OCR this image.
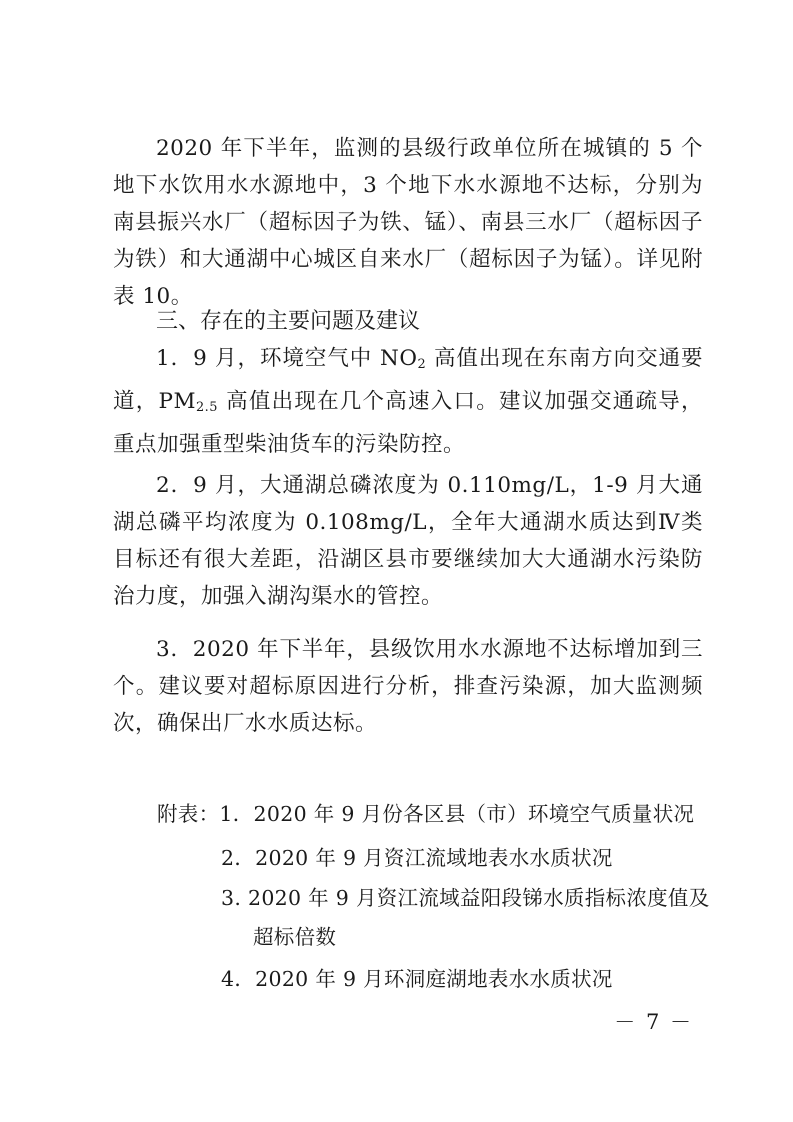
2020 年下半年，监测的县级行政单位所在城镇的 5 个地下水饮用水水源地中，3 个地下水水源地不达标，分别为南县振兴水厂（超标因子为铁、锰）、南县三水厂（超标因子为铁）和大通湖中心城区自来水厂（超标因子为锰）。详见附表 10。

三、存在的主要问题及建议

1．9 月，环境空气中 $NO_2$ 高值出现在东南方向交通要道，$PM_{2.5}$ 高值出现在几个高速入口。建议加强交通疏导，重点加强重型柴油货车的污染防控。

2．9 月，大通湖总磷浓度为 0.110mg/L，1-9 月大通湖总磷平均浓度为 0.108mg/L，全年大通湖水质达到Ⅳ类目标还有很大差距，沿湖区县市要继续加大大通湖水污染防治力度，加强入湖沟渠水的管控。

3．2020 年下半年，县级饮用水水源地不达标增加到三个。建议要对超标原因进行分析，排查污染源，加大监测频次，确保出厂水水质达标。

附表：1．2020 年 9 月份各区县（市）环境空气质量状况

2．2020 年 9 月资江流域地表水水质状况

3. 2020 年 9 月资江流域益阳段锑水质指标浓度值及

超标倍数

4．2020 年 9 月环洞庭湖地表水水质状况

－ 7 －
